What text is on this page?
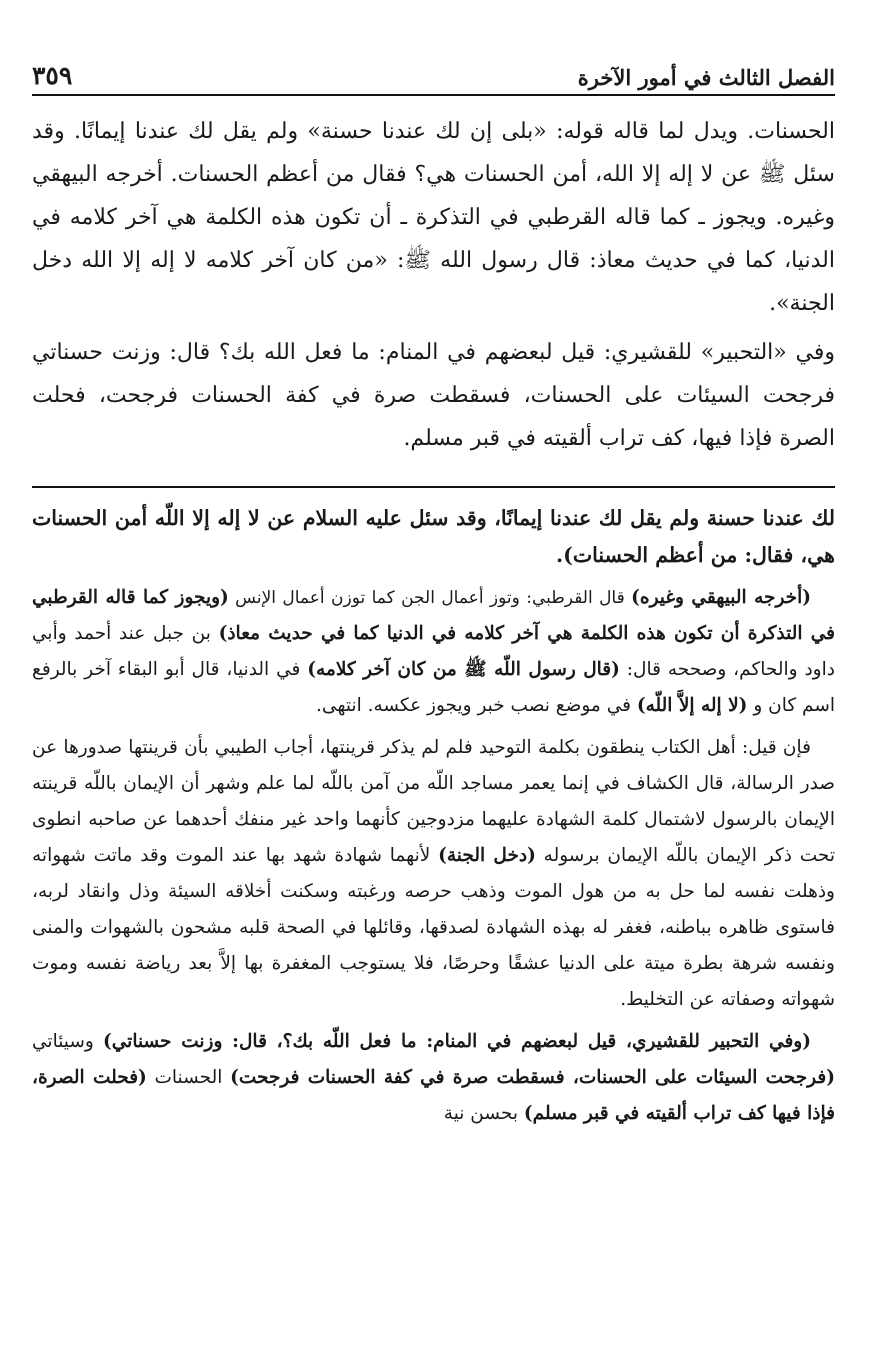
الفصل الثالث في أمور الآخرة
٣٥٩

الحسنات. ويدل لما قاله قوله: «بلى إن لك عندنا حسنة» ولم يقل لك عندنا إيمانًا. وقد سئل ﷺ عن لا إله إلا الله، أمن الحسنات هي؟ فقال من أعظم الحسنات. أخرجه البيهقي وغيره. ويجوز ـ كما قاله القرطبي في التذكرة ـ أن تكون هذه الكلمة هي آخر كلامه في الدنيا، كما في حديث معاذ: قال رسول الله ﷺ: «من كان آخر كلامه لا إله إلا الله دخل الجنة».

وفي «التحبير» للقشيري: قيل لبعضهم في المنام: ما فعل الله بك؟ قال: وزنت حسناتي فرجحت السيئات على الحسنات، فسقطت صرة في كفة الحسنات فرجحت، فحلت الصرة فإذا فيها، كف تراب ألقيته في قبر مسلم.

لك عندنا حسنة ولم يقل لك عندنا إيمانًا، وقد سئل عليه السلام عن لا إله إلا اللّه أمن الحسنات هي، فقال: من أعظم الحسنات).

(أخرجه البيهقي وغيره) قال القرطبي: وتوز أعمال الجن كما توزن أعمال الإنس (ويجوز كما قاله القرطبي في التذكرة أن تكون هذه الكلمة هي آخر كلامه في الدنيا كما في حديث معاذ) بن جبل عند أحمد وأبي داود والحاكم، وصححه قال: (قال رسول اللّه ﷺ من كان آخر كلامه) في الدنيا، قال أبو البقاء آخر بالرفع اسم كان و (لا إله إلاَّ اللّه) في موضع نصب خبر ويجوز عكسه. انتهى.

فإن قيل: أهل الكتاب ينطقون بكلمة التوحيد فلم لم يذكر قرينتها، أجاب الطيبي بأن قرينتها صدورها عن صدر الرسالة، قال الكشاف في إنما يعمر مساجد اللّه من آمن باللّه لما علم وشهر أن الإيمان باللّه قرينته الإيمان بالرسول لاشتمال كلمة الشهادة عليهما مزدوجين كأنهما واحد غير منفك أحدهما عن صاحبه انطوى تحت ذكر الإيمان باللّه الإيمان برسوله (دخل الجنة) لأنهما شهادة شهد بها عند الموت وقد ماتت شهواته وذهلت نفسه لما حل به من هول الموت وذهب حرصه ورغبته وسكنت أخلاقه السيئة وذل وانقاد لربه، فاستوى ظاهره بباطنه، فغفر له بهذه الشهادة لصدقها، وقائلها في الصحة قلبه مشحون بالشهوات والمنى ونفسه شرهة بطرة ميتة على الدنيا عشقًا وحرصًا، فلا يستوجب المغفرة بها إلاَّ بعد رياضة نفسه وموت شهواته وصفاته عن التخليط.

(وفي التحبير للقشيري، قيل لبعضهم في المنام: ما فعل اللّه بك؟، قال: وزنت حسناتي) وسيئاتي (فرجحت السيئات على الحسنات، فسقطت صرة في كفة الحسنات فرجحت) الحسنات (فحلت الصرة، فإذا فيها كف تراب ألقيته في قبر مسلم) بحسن نية
